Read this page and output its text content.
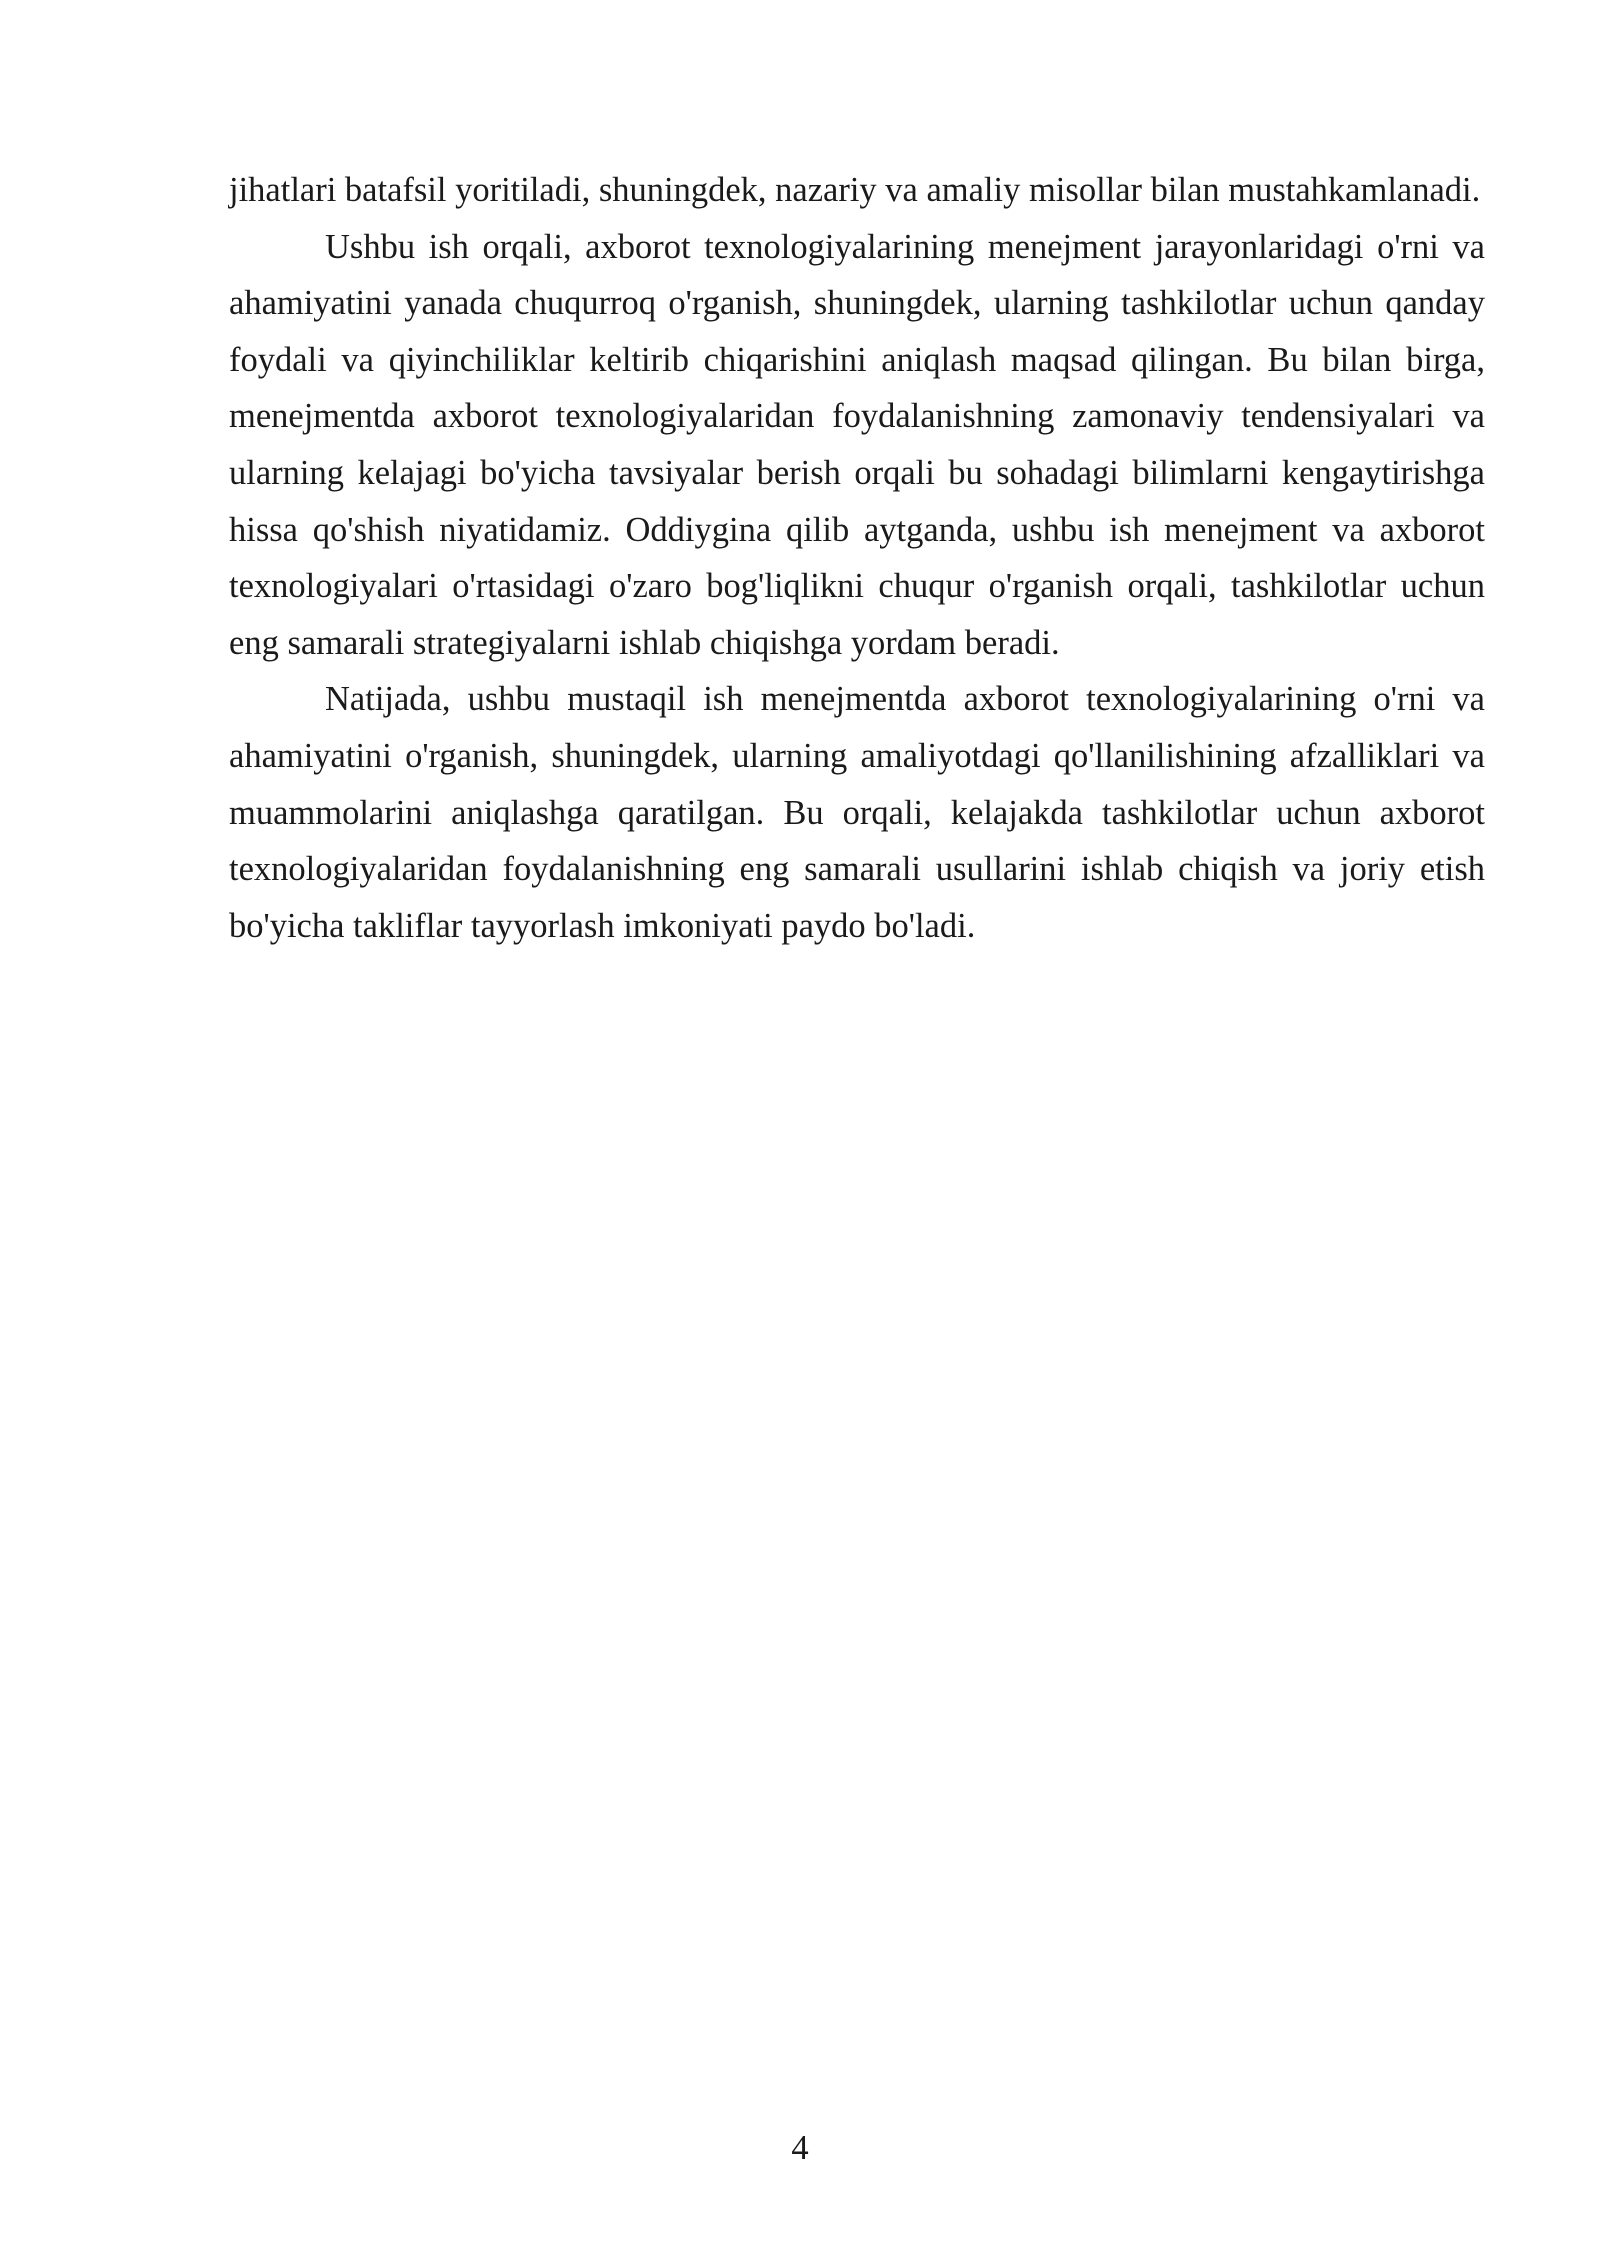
jihatlari batafsil yoritiladi, shuningdek, nazariy va amaliy misollar bilan mustahkamlanadi.

Ushbu ish orqali, axborot texnologiyalarining menejment jarayonlaridagi o'rni va ahamiyatini yanada chuqurroq o'rganish, shuningdek, ularning tashkilotlar uchun qanday foydali va qiyinchiliklar keltirib chiqarishini aniqlash maqsad qilingan. Bu bilan birga, menejmentda axborot texnologiyalaridan foydalanishning zamonaviy tendensiyalari va ularning kelajagi bo'yicha tavsiyalar berish orqali bu sohadagi bilimlarni kengaytirishga hissa qo'shish niyatidamiz. Oddiygina qilib aytganda, ushbu ish menejment va axborot texnologiyalari o'rtasidagi o'zaro bog'liqlikni chuqur o'rganish orqali, tashkilotlar uchun eng samarali strategiyalarni ishlab chiqishga yordam beradi.

Natijada, ushbu mustaqil ish menejmentda axborot texnologiyalarining o'rni va ahamiyatini o'rganish, shuningdek, ularning amaliyotdagi qo'llanilishining afzalliklari va muammolarini aniqlashga qaratilgan. Bu orqali, kelajakda tashkilotlar uchun axborot texnologiyalaridan foydalanishning eng samarali usullarini ishlab chiqish va joriy etish bo'yicha takliflar tayyorlash imkoniyati paydo bo'ladi.

4
